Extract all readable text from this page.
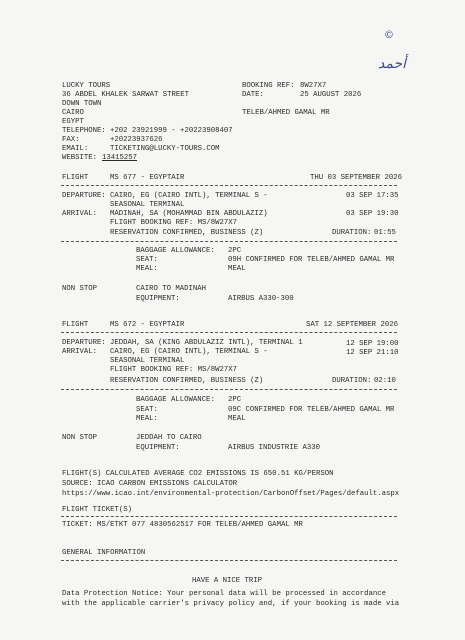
©
أحمد
LUCKY TOURS
36 ABDEL KHALEK SARWAT STREET
DOWN TOWN
CAIRO
EGYPT
TELEPHONE: +202 23921999 - +20223908407
FAX:	+20223937626
EMAIL:	TICKETING@LUCKY-TOURS.COM
WEBSITE: 13415257
BOOKING REF: 8W27X7
DATE:	25 AUGUST 2026
TELEB/AHMED GAMAL MR
FLIGHT	MS 677 - EGYPTAIR	THU 03 SEPTEMBER 2026
DEPARTURE: CAIRO, EG (CAIRO INTL), TERMINAL S -	03 SEP 17:35
SEASONAL TERMINAL
ARRIVAL: MADINAH, SA (MOHAMMAD BIN ABDULAZIZ)	03 SEP 19:30
FLIGHT BOOKING REF: MS/8W27X7
RESERVATION CONFIRMED, BUSINESS (Z)	DURATION: 01:55
BAGGAGE ALLOWANCE: 2PC
SEAT:	09H CONFIRMED FOR TELEB/AHMED GAMAL MR
MEAL:	MEAL
NON STOP	CAIRO TO MADINAH
EQUIPMENT:	AIRBUS A330-300
FLIGHT	MS 672 - EGYPTAIR	SAT 12 SEPTEMBER 2026
DEPARTURE: JEDDAH, SA (KING ABDULAZIZ INTL), TERMINAL 1	12 SEP 19:00
ARRIVAL: CAIRO, EG (CAIRO INTL), TERMINAL S -	12 SEP 21:10
SEASONAL TERMINAL
FLIGHT BOOKING REF: MS/8W27X7
RESERVATION CONFIRMED, BUSINESS (Z)	DURATION: 02:10
BAGGAGE ALLOWANCE: 2PC
SEAT:	09C CONFIRMED FOR TELEB/AHMED GAMAL MR
MEAL:	MEAL
NON STOP	JEDDAH TO CAIRO
EQUIPMENT:	AIRBUS INDUSTRIE A330
FLIGHT(S) CALCULATED AVERAGE CO2 EMISSIONS IS 650.51 KG/PERSON
SOURCE: ICAO CARBON EMISSIONS CALCULATOR
https://www.icao.int/environmental-protection/CarbonOffset/Pages/default.aspx
FLIGHT TICKET(S)
TICKET: MS/ETKT 077 4830562517 FOR TELEB/AHMED GAMAL MR
GENERAL INFORMATION
HAVE A NICE TRIP
Data Protection Notice: Your personal data will be processed in accordance
with the applicable carrier's privacy policy and, if your booking is made via
